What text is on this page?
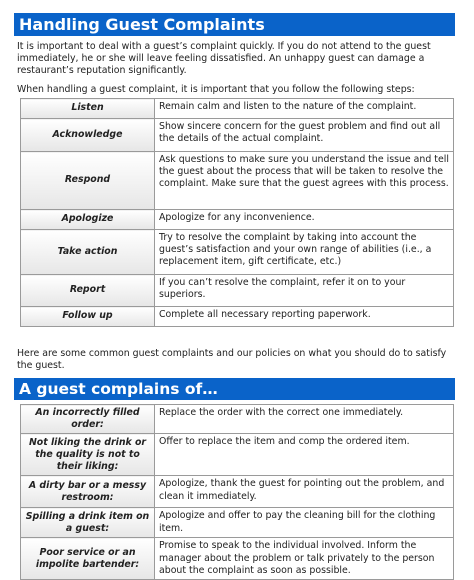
Handling Guest Complaints

It is important to deal with a guest’s complaint quickly. If you do not attend to the guest immediately, he or she will leave feeling dissatisfied. An unhappy guest can damage a restaurant’s reputation significantly.

When handling a guest complaint, it is important that you follow the following steps:

Listen	Remain calm and listen to the nature of the complaint.
Acknowledge	Show sincere concern for the guest problem and find out all the details of the actual complaint.
Respond	Ask questions to make sure you understand the issue and tell the guest about the process that will be taken to resolve the complaint. Make sure that the guest agrees with this process.
Apologize	Apologize for any inconvenience.
Take action	Try to resolve the complaint by taking into account the guest’s satisfaction and your own range of abilities (i.e., a replacement item, gift certificate, etc.)
Report	If you can’t resolve the complaint, refer it on to your superiors.
Follow up	Complete all necessary reporting paperwork.

Here are some common guest complaints and our policies on what you should do to satisfy the guest.

A guest complains of…
An incorrectly filled order:	Replace the order with the correct one immediately.
Not liking the drink or the quality is not to their liking:	Offer to replace the item and comp the ordered item.
A dirty bar or a messy restroom:	Apologize, thank the guest for pointing out the problem, and clean it immediately.
Spilling a drink item on a guest:	Apologize and offer to pay the cleaning bill for the clothing item.
Poor service or an impolite bartender:	Promise to speak to the individual involved. Inform the manager about the problem or talk privately to the person about the complaint as soon as possible.
